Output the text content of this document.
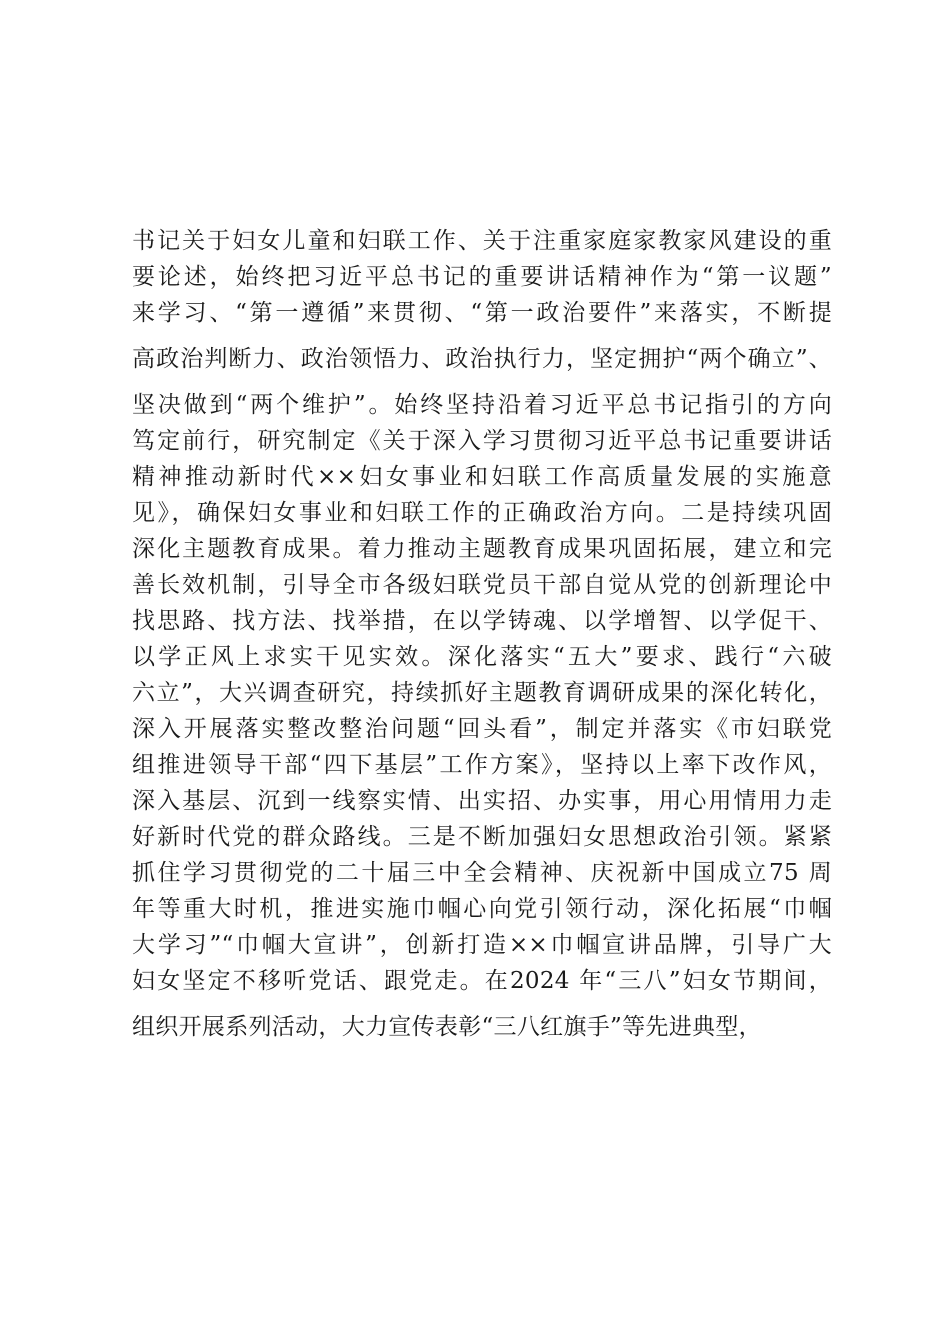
书记关于妇女儿童和妇联工作、关于注重家庭家教家风建设的重
要论述，始终把习近平总书记的重要讲话精神作为“第一议题”
来学习、“第一遵循”来贯彻、“第一政治要件”来落实，不断提
高政治判断力、政治领悟力、政治执行力，坚定拥护“两个确立”、
坚决做到“两个维护”。始终坚持沿着习近平总书记指引的方向
笃定前行，研究制定《关于深入学习贯彻习近平总书记重要讲话
精神推动新时代××妇女事业和妇联工作高质量发展的实施意
见》，确保妇女事业和妇联工作的正确政治方向。二是持续巩固
深化主题教育成果。着力推动主题教育成果巩固拓展，建立和完
善长效机制，引导全市各级妇联党员干部自觉从党的创新理论中
找思路、找方法、找举措，在以学铸魂、以学增智、以学促干、
以学正风上求实干见实效。深化落实“五大”要求、践行“六破
六立”，大兴调查研究，持续抓好主题教育调研成果的深化转化，
深入开展落实整改整治问题“回头看”，制定并落实《市妇联党
组推进领导干部“四下基层”工作方案》，坚持以上率下改作风，
深入基层、沉到一线察实情、出实招、办实事，用心用情用力走
好新时代党的群众路线。三是不断加强妇女思想政治引领。紧紧
抓住学习贯彻党的二十届三中全会精神、庆祝新中国成立75 周
年等重大时机，推进实施巾帼心向党引领行动，深化拓展“巾帼
大学习”“巾帼大宣讲”，创新打造××巾帼宣讲品牌，引导广大
妇女坚定不移听党话、跟党走。在2024 年“三八”妇女节期间，
组织开展系列活动，大力宣传表彰“三八红旗手”等先进典型，
